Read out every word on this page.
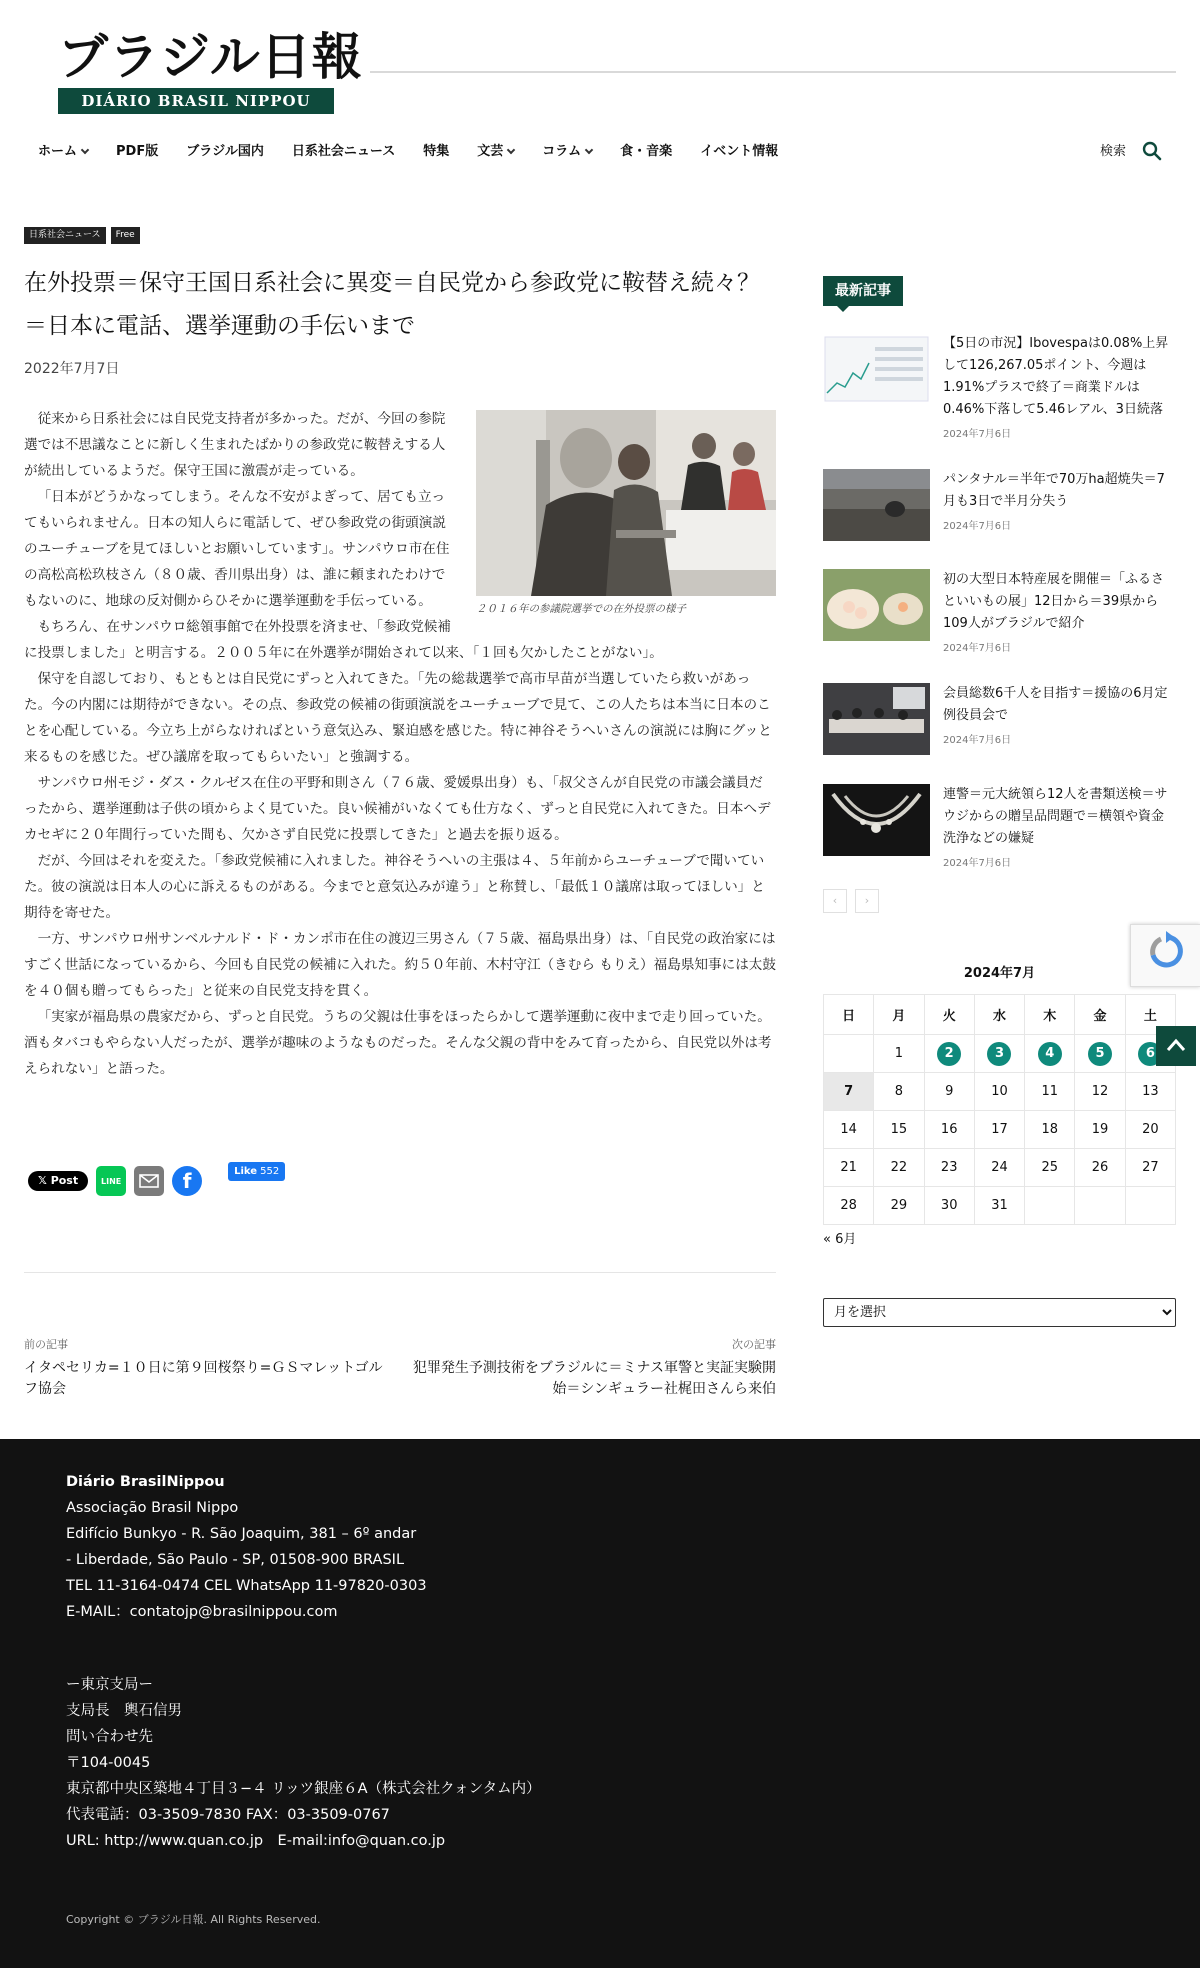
ブラジル日報
DIÁRIO BRASIL NIPPOU
ホーム	PDF版 ブラジル国内 日系社会ニュース 特集 文芸	コラム	食・音楽 イベント情報	検索
日系社会ニュース	Free
在外投票＝保守王国日系社会に異変＝自民党から参政党に鞍替え続々？＝日本に電話、選挙運動の手伝いまで
2022年7月7日
２０１６年の参議院選挙での在外投票の様子

従来から日系社会には自民党支持者が多かった。だが、今回の参院選では不思議なことに新しく生まれたばかりの参政党に鞍替えする人が続出しているようだ。保守王国に激震が走っている。

「日本がどうかなってしまう。そんな不安がよぎって、居ても立ってもいられません。日本の知人らに電話して、ぜひ参政党の街頭演説のユーチューブを見てほしいとお願いしています」。サンパウロ市在住の高松高松玖枝さん（８０歳、香川県出身）は、誰に頼まれたわけでもないのに、地球の反対側からひそかに選挙運動を手伝っている。

もちろん、在サンパウロ総領事館で在外投票を済ませ、「参政党候補に投票しました」と明言する。２００５年に在外選挙が開始されて以来、「１回も欠かしたことがない」。

保守を自認しており、もともとは自民党にずっと入れてきた。「先の総裁選挙で高市早苗が当選していたら救いがあった。今の内閣には期待ができない。その点、参政党の候補の街頭演説をユーチューブで見て、この人たちは本当に日本のことを心配している。今立ち上がらなければという意気込み、緊迫感を感じた。特に神谷そうへいさんの演説には胸にグッと来るものを感じた。ぜひ議席を取ってもらいたい」と強調する。

サンパウロ州モジ・ダス・クルゼス在住の平野和則さん（７６歳、愛媛県出身）も、「叔父さんが自民党の市議会議員だったから、選挙運動は子供の頃からよく見ていた。良い候補がいなくても仕方なく、ずっと自民党に入れてきた。日本へデカセギに２０年間行っていた間も、欠かさず自民党に投票してきた」と過去を振り返る。

だが、今回はそれを変えた。「参政党候補に入れました。神谷そうへいの主張は４、５年前からユーチューブで聞いていた。彼の演説は日本人の心に訴えるものがある。今までと意気込みが違う」と称賛し、「最低１０議席は取ってほしい」と期待を寄せた。

一方、サンパウロ州サンベルナルド・ド・カンポ市在住の渡辺三男さん（７５歳、福島県出身）は、「自民党の政治家にはすごく世話になっているから、今回も自民党の候補に入れた。約５０年前、木村守江（きむら もりえ）福島県知事には太鼓を４０個も贈ってもらった」と従来の自民党支持を貫く。

「実家が福島県の農家だから、ずっと自民党。うちの父親は仕事をほったらかして選挙運動に夜中まで走り回っていた。酒もタバコもやらない人だったが、選挙が趣味のようなものだった。そんな父親の背中をみて育ったから、自民党以外は考えられない」と語った。

𝕏 Post	LINE	f	Like 552
前の記事
イタペセリカ=１０日に第９回桜祭り=ＧＳマレットゴルフ協会
次の記事
犯罪発生予測技術をブラジルに＝ミナス軍警と実証実験開始＝シンギュラー社梶田さんら来伯
最新記事
【5日の市況】Ibovespaは0.08%上昇して126,267.05ポイント、今週は1.91%プラスで終了＝商業ドルは0.46%下落して5.46レアル、3日続落
2024年7月6日
パンタナル＝半年で70万ha超焼失＝7月も3日で半月分失う
2024年7月6日
初の大型日本特産展を開催＝「ふるさといいもの展」12日から＝39県から109人がブラジルで紹介
2024年7月6日
会員総数6千人を目指す＝援協の6月定例役員会で
2024年7月6日
連警＝元大統領ら12人を書類送検＝サウジからの贈呈品問題で＝横領や資金洗浄などの嫌疑
2024年7月6日
‹	›
2024年7月
日	月	火	水	木	金	土
	1	2	3	4	5	6
7	8	9	10	11	12	13
14	15	16	17	18	19	20
21	22	23	24	25	26	27
28	29	30	31			
« 6月
月を選択
Diário BrasilNippou
Associação Brasil Nippo
Edifício Bunkyo - R. São Joaquim, 381 – 6º andar
- Liberdade, São Paulo - SP, 01508-900 BRASIL
TEL 11-3164-0474 CEL WhatsApp 11-97820-0303
E-MAIL：contatojp@brasilnippou.com
ー東京支局ー
支局長　輿石信男
問い合わせ先
〒104-0045
東京都中央区築地４丁目３−４ リッツ銀座６A（株式会社クォンタム内）
代表電話：03-3509-7830 FAX：03-3509-0767
URL: http://www.quan.co.jp　E-mail:info@quan.co.jp
Copyright © ブラジル日報. All Rights Reserved.
